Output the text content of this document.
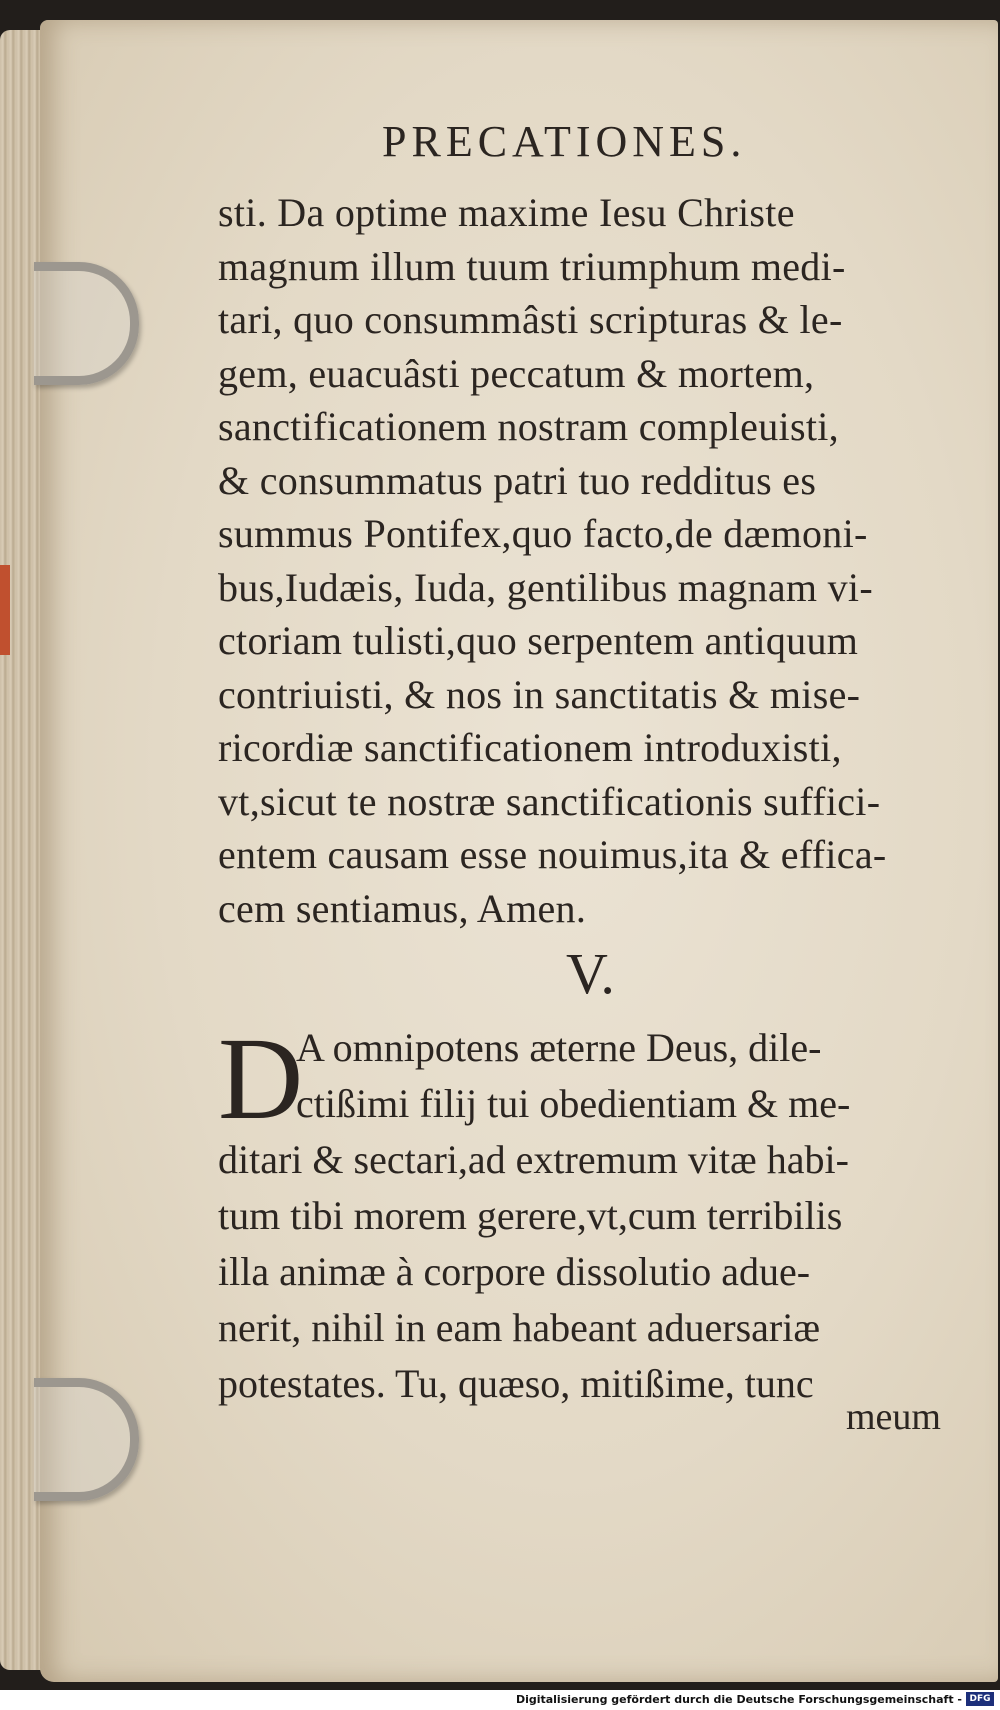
PRECATIONES.
sti. Da optime maxime Iesu Christe
magnum illum tuum triumphum medi-
tari, quo consummâsti scripturas & le-
gem, euacuâsti peccatum & mortem,
sanctificationem nostram compleuisti,
& consummatus patri tuo redditus es
summus Pontifex,quo facto,de dæmoni-
bus,Iudæis, Iuda, gentilibus magnam vi-
ctoriam tulisti,quo serpentem antiquum
contriuisti, & nos in sanctitatis & mise-
ricordiæ sanctificationem introduxisti,
vt,sicut te nostræ sanctificationis suffici-
entem causam esse nouimus,ita & effica-
cem sentiamus, Amen.
V.
D
A omnipotens æterne Deus, dile-
ctißimi filij tui obedientiam & me-
ditari & sectari,ad extremum vitæ habi-
tum tibi morem gerere,vt,cum terribilis
illa animæ à corpore dissolutio adue-
nerit, nihil in eam habeant aduersariæ
potestates. Tu, quæso, mitißime, tunc
meum
Digitalisierung gefördert durch die Deutsche Forschungsgemeinschaft - DFG
